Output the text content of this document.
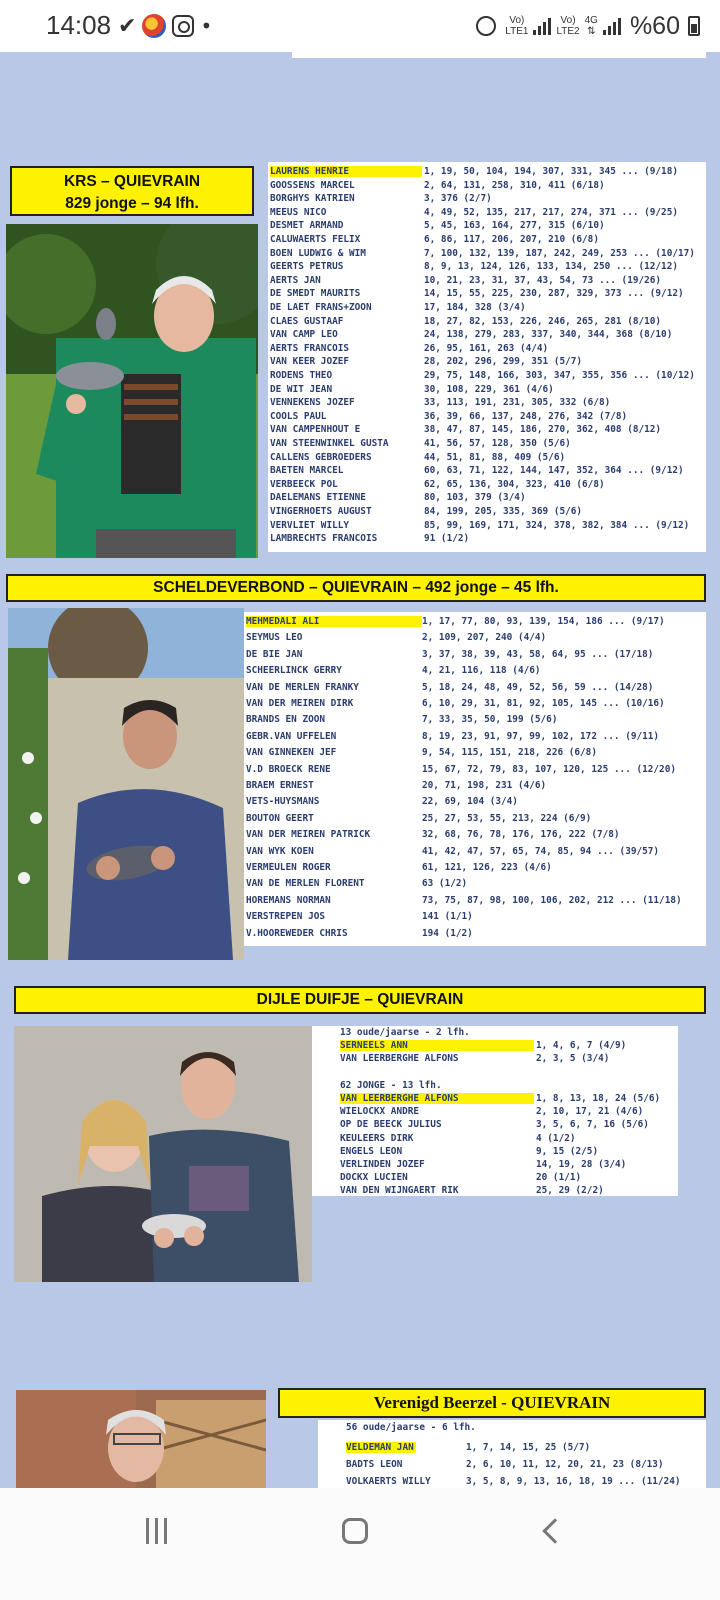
14:08 ✔	•	Vo)
LTE1
Vo)
LTE2
4G
⇅ %60
KRS – QUIEVRAIN
829 jonge – 94 lfh.
LAURENS HENRIE	1, 19, 50, 104, 194, 307, 331, 345 ... (9/18)
GOOSSENS MARCEL	2, 64, 131, 258, 310, 411 (6/18)
BORGHYS KATRIEN	3, 376 (2/7)
MEEUS NICO	4, 49, 52, 135, 217, 217, 274, 371 ... (9/25)
DESMET ARMAND	5, 45, 163, 164, 277, 315 (6/10)
CALUWAERTS FELIX	6, 86, 117, 206, 207, 210 (6/8)
BOEN LUDWIG & WIM	7, 100, 132, 139, 187, 242, 249, 253 ... (10/17)
GEERTS PETRUS	8, 9, 13, 124, 126, 133, 134, 250 ... (12/12)
AERTS JAN	10, 21, 23, 31, 37, 43, 54, 73 ... (19/26)
DE SMEDT MAURITS	14, 15, 55, 225, 230, 287, 329, 373 ... (9/12)
DE LAET FRANS+ZOON	17, 184, 328 (3/4)
CLAES GUSTAAF	18, 27, 82, 153, 226, 246, 265, 281 (8/10)
VAN CAMP LEO	24, 138, 279, 283, 337, 340, 344, 368 (8/10)
AERTS FRANCOIS	26, 95, 161, 263 (4/4)
VAN KEER JOZEF	28, 202, 296, 299, 351 (5/7)
RODENS THEO	29, 75, 148, 166, 303, 347, 355, 356 ... (10/12)
DE WIT JEAN	30, 108, 229, 361 (4/6)
VENNEKENS JOZEF	33, 113, 191, 231, 305, 332 (6/8)
COOLS PAUL	36, 39, 66, 137, 248, 276, 342 (7/8)
VAN CAMPENHOUT E	38, 47, 87, 145, 186, 270, 362, 408 (8/12)
VAN STEENWINKEL GUSTA	41, 56, 57, 128, 350 (5/6)
CALLENS GEBROEDERS	44, 51, 81, 88, 409 (5/6)
BAETEN MARCEL	60, 63, 71, 122, 144, 147, 352, 364 ... (9/12)
VERBEECK POL	62, 65, 136, 304, 323, 410 (6/8)
DAELEMANS ETIENNE	80, 103, 379 (3/4)
VINGERHOETS AUGUST	84, 199, 205, 335, 369 (5/6)
VERVLIET WILLY	85, 99, 169, 171, 324, 378, 382, 384 ... (9/12)
LAMBRECHTS FRANCOIS	91 (1/2)
SCHELDEVERBOND – QUIEVRAIN – 492 jonge – 45 lfh.
MEHMEDALI ALI	1, 17, 77, 80, 93, 139, 154, 186 ... (9/17)
SEYMUS LEO	2, 109, 207, 240 (4/4)
DE BIE JAN	3, 37, 38, 39, 43, 58, 64, 95 ... (17/18)
SCHEERLINCK GERRY	4, 21, 116, 118 (4/6)
VAN DE MERLEN FRANKY	5, 18, 24, 48, 49, 52, 56, 59 ... (14/28)
VAN DER MEIREN DIRK	6, 10, 29, 31, 81, 92, 105, 145 ... (10/16)
BRANDS EN ZOON	7, 33, 35, 50, 199 (5/6)
GEBR.VAN UFFELEN	8, 19, 23, 91, 97, 99, 102, 172 ... (9/11)
VAN GINNEKEN JEF	9, 54, 115, 151, 218, 226 (6/8)
V.D BROECK RENE	15, 67, 72, 79, 83, 107, 120, 125 ... (12/20)
BRAEM ERNEST	20, 71, 198, 231 (4/6)
VETS-HUYSMANS	22, 69, 104 (3/4)
BOUTON GEERT	25, 27, 53, 55, 213, 224 (6/9)
VAN DER MEIREN PATRICK	32, 68, 76, 78, 176, 176, 222 (7/8)
VAN WYK KOEN	41, 42, 47, 57, 65, 74, 85, 94 ... (39/57)
VERMEULEN ROGER	61, 121, 126, 223 (4/6)
VAN DE MERLEN FLORENT	63 (1/2)
HOREMANS NORMAN	73, 75, 87, 98, 100, 106, 202, 212 ... (11/18)
VERSTREPEN JOS	141 (1/1)
V.HOOREWEDER CHRIS	194 (1/2)
DIJLE DUIFJE – QUIEVRAIN
13 oude/jaarse - 2 lfh.
SERNEELS ANN	1, 4, 6, 7 (4/9)
VAN LEERBERGHE ALFONS	2, 3, 5 (3/4)
62 JONGE - 13 lfh.
VAN LEERBERGHE ALFONS	1, 8, 13, 18, 24 (5/6)
WIELOCKX ANDRE	2, 10, 17, 21 (4/6)
OP DE BEECK JULIUS	3, 5, 6, 7, 16 (5/6)
KEULEERS DIRK	4 (1/2)
ENGELS LEON	9, 15 (2/5)
VERLINDEN JOZEF	14, 19, 28 (3/4)
DOCKX LUCIEN	20 (1/1)
VAN DEN WIJNGAERT RIK	25, 29 (2/2)
Verenigd Beerzel - QUIEVRAIN
56 oude/jaarse - 6 lfh.
VELDEMAN JAN	1, 7, 14, 15, 25 (5/7)
BADTS LEON	2, 6, 10, 11, 12, 20, 21, 23 (8/13)
VOLKAERTS WILLY	3, 5, 8, 9, 13, 16, 18, 19 ... (11/24)
